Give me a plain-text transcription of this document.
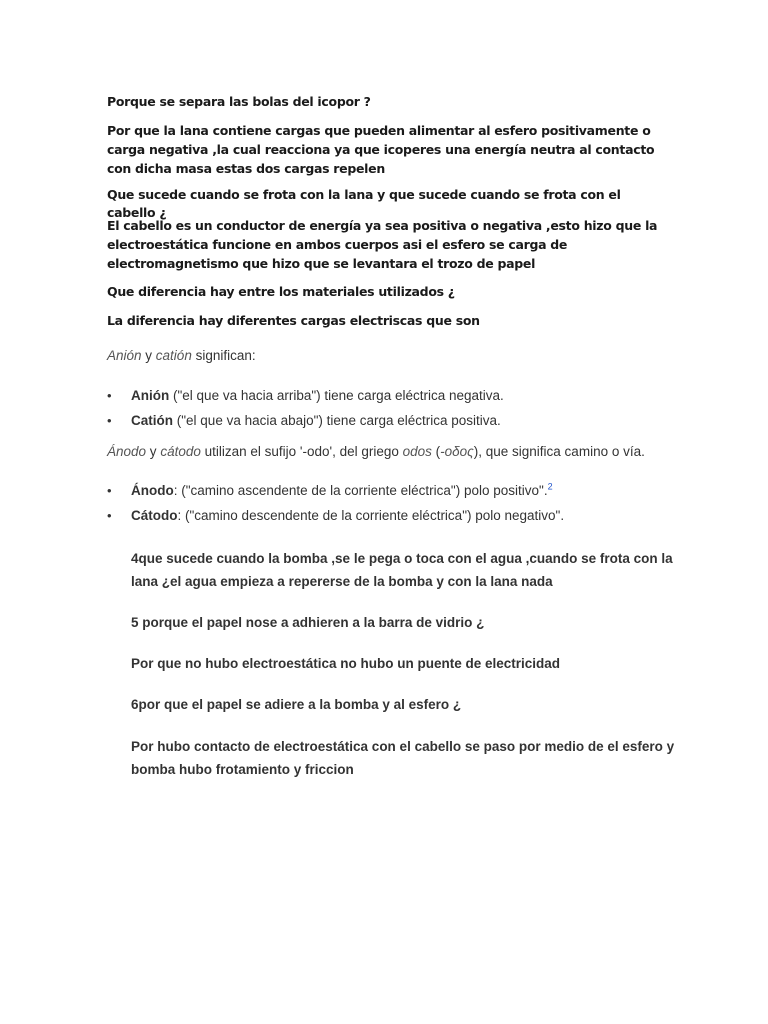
Porque se separa las bolas del icopor ?

Por que la lana contiene cargas que pueden alimentar al esfero positivamente o carga negativa ,la cual reacciona ya que icoperes una energía neutra al contacto con dicha masa estas dos cargas repelen

Que sucede cuando se frota con la lana y que sucede cuando se frota con el cabello ¿

El cabello es un conductor de energía ya sea positiva o negativa ,esto hizo que la electroestática funcione en ambos cuerpos asi el esfero se carga de electromagnetismo que hizo que se levantara el trozo de papel

Que diferencia hay entre los materiales utilizados ¿

La diferencia hay diferentes cargas electriscas que son

Anión y catión significan:

• Anión ("el que va hacia arriba") tiene carga eléctrica negativa.
• Catión ("el que va hacia abajo") tiene carga eléctrica positiva.

Ánodo y cátodo utilizan el sufijo '-odo', del griego odos (-οδος), que significa camino o vía.

• Ánodo: ("camino ascendente de la corriente eléctrica") polo positivo".$^2$
• Cátodo: ("camino descendente de la corriente eléctrica") polo negativo".

4que sucede cuando la bomba ,se le pega o toca con el agua ,cuando se frota con la lana ¿el agua empieza a repererse de la bomba y con la lana nada

5 porque el papel nose a adhieren a la barra de vidrio ¿

Por que no hubo electroestática no hubo un puente de electricidad

6por que el papel se adiere a la bomba y al esfero ¿

Por hubo contacto de electroestática con el cabello se paso por medio de el esfero y bomba hubo frotamiento y friccion
